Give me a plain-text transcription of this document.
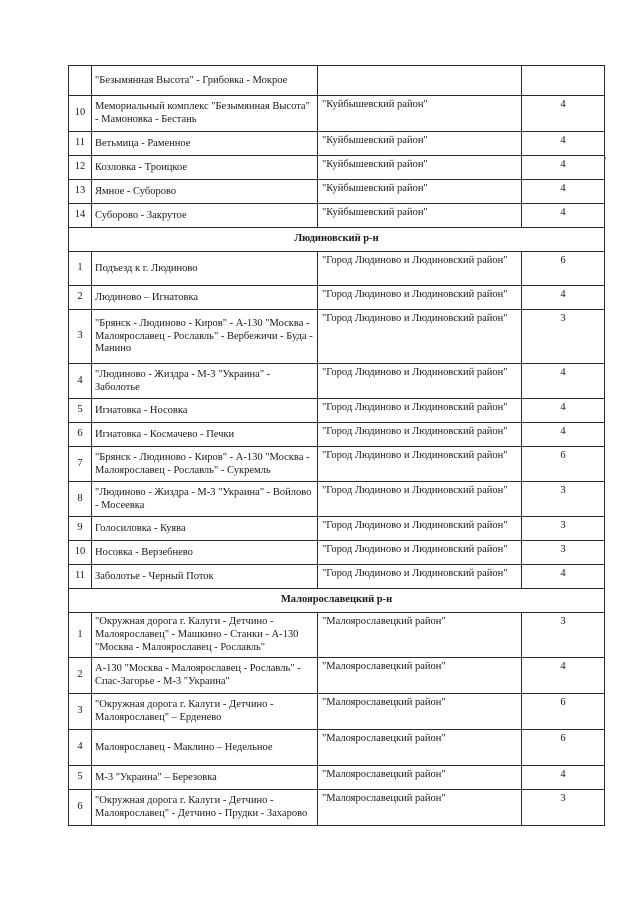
	"Безымянная Высота" - Грибовка - Мокрое		
10	Мемориальный комплекс "Безымянная Высота" - Мамоновка - Бестань	"Куйбышевский район"	4
11	Ветьмица - Раменное	"Куйбышевский район"	4
12	Козловка - Троицкое	"Куйбышевский район"	4
13	Ямное - Суборово	"Куйбышевский район"	4
14	Суборово - Закрутое	"Куйбышевский район"	4
Людиновский р-н			
1	Подъезд к г. Людиново	"Город Людиново и Людиновский район"	6
2	Людиново – Игнатовка	"Город Людиново и Людиновский район"	4
3	"Брянск - Людиново - Киров" - А-130 "Москва - Малоярославец - Рославль" - Вербежичи - Буда - Манино	"Город Людиново и Людиновский район"	3
4	"Людиново - Жиздра - М-3 "Украина" - Заболотье	"Город Людиново и Людиновский район"	4
5	Игнатовка - Носовка	"Город Людиново и Людиновский район"	4
6	Игнатовка - Космачево - Печки	"Город Людиново и Людиновский район"	4
7	"Брянск - Людиново - Киров" - А-130 "Москва - Малоярославец - Рославль" - Сукремль	"Город Людиново и Людиновский район"	6
8	"Людиново - Жиздра - М-3 "Украина" - Войлово - Мосеевка	"Город Людиново и Людиновский район"	3
9	Голосиловка - Куява	"Город Людиново и Людиновский район"	3
10	Носовка - Верзебнево	"Город Людиново и Людиновский район"	3
11	Заболотье - Черный Поток	"Город Людиново и Людиновский район"	4
Малоярославецкий р-н			
1	"Окружная дорога г. Калуги - Детчино - Малоярославец" - Машкино - Станки - А-130 "Москва - Малоярославец - Рославль"	"Малоярославецкий район"	3
2	А-130 "Москва - Малоярославец - Рославль" - Спас-Загорье - М-3 "Украина"	"Малоярославецкий район"	4
3	"Окружная дорога г. Калуги - Детчино - Малоярославец" – Ерденево	"Малоярославецкий район"	6
4	Малоярославец - Маклино – Недельное	"Малоярославецкий район"	6
5	М-3 "Украина" – Березовка	"Малоярославецкий район"	4
6	"Окружная дорога г. Калуги - Детчино - Малоярославец" - Детчино - Прудки - Захарово	"Малоярославецкий район"	3
